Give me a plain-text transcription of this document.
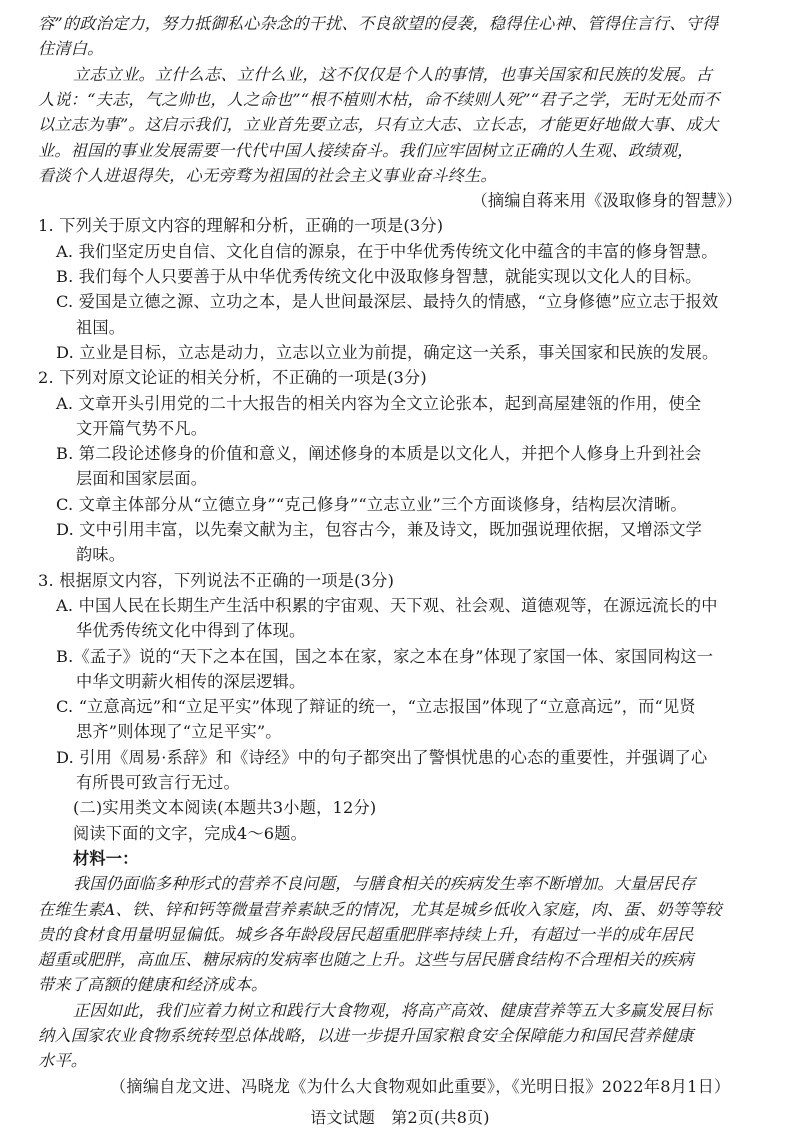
容”的政治定力，努力抵御私心杂念的干扰、不良欲望的侵袭，稳得住心神、管得住言行、守得
住清白。
立志立业。立什么志、立什么业，这不仅仅是个人的事情，也事关国家和民族的发展。古
人说：“夫志，气之帅也，人之命也”“根不植则木枯，命不续则人死”“君子之学，无时无处而不
以立志为事”。这启示我们，立业首先要立志，只有立大志、立长志，才能更好地做大事、成大
业。祖国的事业发展需要一代代中国人接续奋斗。我们应牢固树立正确的人生观、政绩观，
看淡个人进退得失，心无旁骛为祖国的社会主义事业奋斗终生。
（摘编自蒋来用《汲取修身的智慧》）
1. 下列关于原文内容的理解和分析，正确的一项是(3分)
A. 我们坚定历史自信、文化自信的源泉，在于中华优秀传统文化中蕴含的丰富的修身智慧。
B. 我们每个人只要善于从中华优秀传统文化中汲取修身智慧，就能实现以文化人的目标。
C. 爱国是立德之源、立功之本，是人世间最深层、最持久的情感，“立身修德”应立志于报效
祖国。
D. 立业是目标，立志是动力，立志以立业为前提，确定这一关系，事关国家和民族的发展。
2. 下列对原文论证的相关分析，不正确的一项是(3分)
A. 文章开头引用党的二十大报告的相关内容为全文立论张本，起到高屋建瓴的作用，使全
文开篇气势不凡。
B. 第二段论述修身的价值和意义，阐述修身的本质是以文化人，并把个人修身上升到社会
层面和国家层面。
C. 文章主体部分从“立德立身”“克己修身”“立志立业”三个方面谈修身，结构层次清晰。
D. 文中引用丰富，以先秦文献为主，包容古今，兼及诗文，既加强说理依据，又增添文学
韵味。
3. 根据原文内容，下列说法不正确的一项是(3分)
A. 中国人民在长期生产生活中积累的宇宙观、天下观、社会观、道德观等，在源远流长的中
华优秀传统文化中得到了体现。
B.《孟子》说的“天下之本在国，国之本在家，家之本在身”体现了家国一体、家国同构这一
中华文明薪火相传的深层逻辑。
C. “立意高远”和“立足平实”体现了辩证的统一，“立志报国”体现了“立意高远”，而“见贤
思齐”则体现了“立足平实”。
D. 引用《周易·系辞》和《诗经》中的句子都突出了警惧忧患的心态的重要性，并强调了心
有所畏可致言行无过。
(二)实用类文本阅读(本题共3小题，12分)
阅读下面的文字，完成4～6题。
材料一：
我国仍面临多种形式的营养不良问题，与膳食相关的疾病发生率不断增加。大量居民存
在维生素A、铁、锌和钙等微量营养素缺乏的情况，尤其是城乡低收入家庭，肉、蛋、奶等等较
贵的食材食用量明显偏低。城乡各年龄段居民超重肥胖率持续上升，有超过一半的成年居民
超重或肥胖，高血压、糖尿病的发病率也随之上升。这些与居民膳食结构不合理相关的疾病
带来了高额的健康和经济成本。
正因如此，我们应着力树立和践行大食物观，将高产高效、健康营养等五大多赢发展目标
纳入国家农业食物系统转型总体战略，以进一步提升国家粮食安全保障能力和国民营养健康
水平。
（摘编自龙文进、冯晓龙《为什么大食物观如此重要》，《光明日报》2022年8月1日）
语文试题　第2页(共8页)
